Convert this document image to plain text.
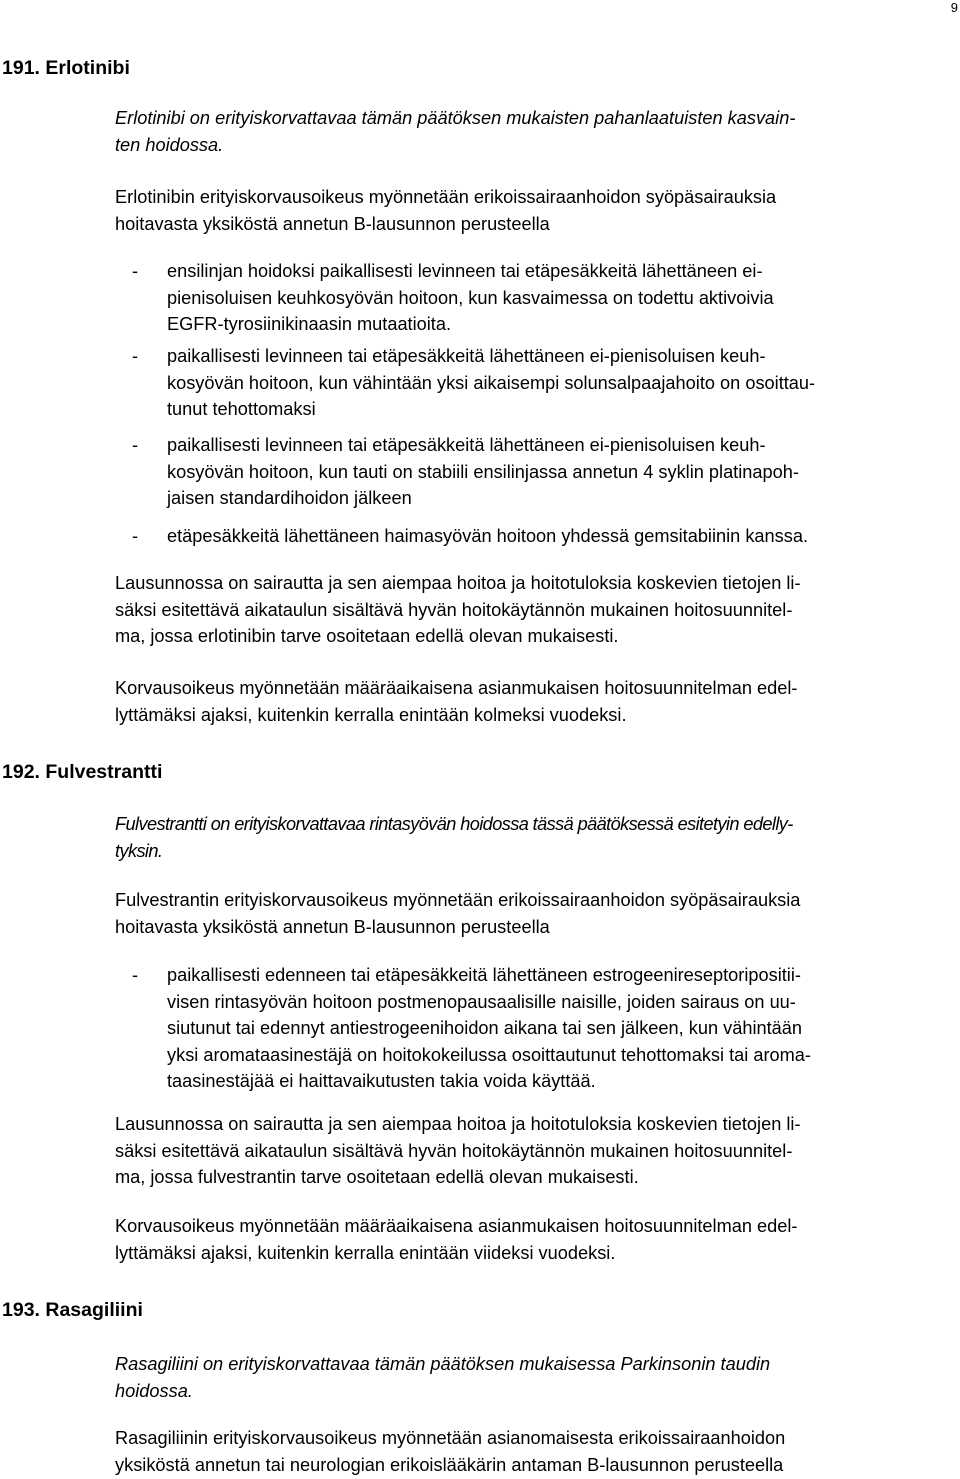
9
191. Erlotinibi
Erlotinibi on erityiskorvattavaa tämän päätöksen mukaisten pahanlaatuisten kasvain-
ten hoidossa.
Erlotinibin erityiskorvausoikeus myönnetään erikoissairaanhoidon syöpäsairauksia
hoitavasta yksiköstä annetun B-lausunnon perusteella
- ensilinjan hoidoksi paikallisesti levinneen tai etäpesäkkeitä lähettäneen ei-
pienisoluisen keuhkosyövän hoitoon, kun kasvaimessa on todettu aktivoivia
EGFR-tyrosiinikinaasin mutaatioita.
- paikallisesti levinneen tai etäpesäkkeitä lähettäneen ei-pienisoluisen keuh-
kosyövän hoitoon, kun vähintään yksi aikaisempi solunsalpaajahoito on osoittau-
tunut tehottomaksi
- paikallisesti levinneen tai etäpesäkkeitä lähettäneen ei-pienisoluisen keuh-
kosyövän hoitoon, kun tauti on stabiili ensilinjassa annetun 4 syklin platinapoh-
jaisen standardihoidon jälkeen
- etäpesäkkeitä lähettäneen haimasyövän hoitoon yhdessä gemsitabiinin kanssa.
Lausunnossa on sairautta ja sen aiempaa hoitoa ja hoitotuloksia koskevien tietojen li-
säksi esitettävä aikataulun sisältävä hyvän hoitokäytännön mukainen hoitosuunnitel-
ma, jossa erlotinibin tarve osoitetaan edellä olevan mukaisesti.
Korvausoikeus myönnetään määräaikaisena asianmukaisen hoitosuunnitelman edel-
lyttämäksi ajaksi, kuitenkin kerralla enintään kolmeksi vuodeksi.
192. Fulvestrantti
Fulvestrantti on erityiskorvattavaa rintasyövän hoidossa tässä päätöksessä esitetyin edelly-
tyksin.
Fulvestrantin erityiskorvausoikeus myönnetään erikoissairaanhoidon syöpäsairauksia
hoitavasta yksiköstä annetun B-lausunnon perusteella
- paikallisesti edenneen tai etäpesäkkeitä lähettäneen estrogeenireseptoripositii-
visen rintasyövän hoitoon postmenopausaalisille naisille, joiden sairaus on uu-
siutunut tai edennyt antiestrogeenihoidon aikana tai sen jälkeen, kun vähintään
yksi aromataasinestäjä on hoitokokeilussa osoittautunut tehottomaksi tai aroma-
taasinestäjää ei haittavaikutusten takia voida käyttää.
Lausunnossa on sairautta ja sen aiempaa hoitoa ja hoitotuloksia koskevien tietojen li-
säksi esitettävä aikataulun sisältävä hyvän hoitokäytännön mukainen hoitosuunnitel-
ma, jossa fulvestrantin tarve osoitetaan edellä olevan mukaisesti.
Korvausoikeus myönnetään määräaikaisena asianmukaisen hoitosuunnitelman edel-
lyttämäksi ajaksi, kuitenkin kerralla enintään viideksi vuodeksi.
193. Rasagiliini
Rasagiliini on erityiskorvattavaa tämän päätöksen mukaisessa Parkinsonin taudin
hoidossa.
Rasagiliinin erityiskorvausoikeus myönnetään asianomaisesta erikoissairaanhoidon
yksiköstä annetun tai neurologian erikoislääkärin antaman B-lausunnon perusteella
